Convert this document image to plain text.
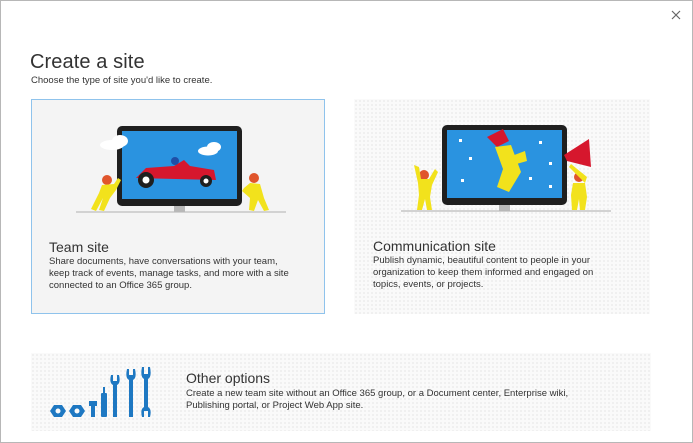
Create a site
Choose the type of site you'd like to create.
Team site
Share documents, have conversations with your team,
keep track of events, manage tasks, and more with a site
connected to an Office 365 group.
Communication site
Publish dynamic, beautiful content to people in your
organization to keep them informed and engaged on
topics, events, or projects.
Other options
Create a new team site without an Office 365 group, or a Document center, Enterprise wiki,
Publishing portal, or Project Web App site.
